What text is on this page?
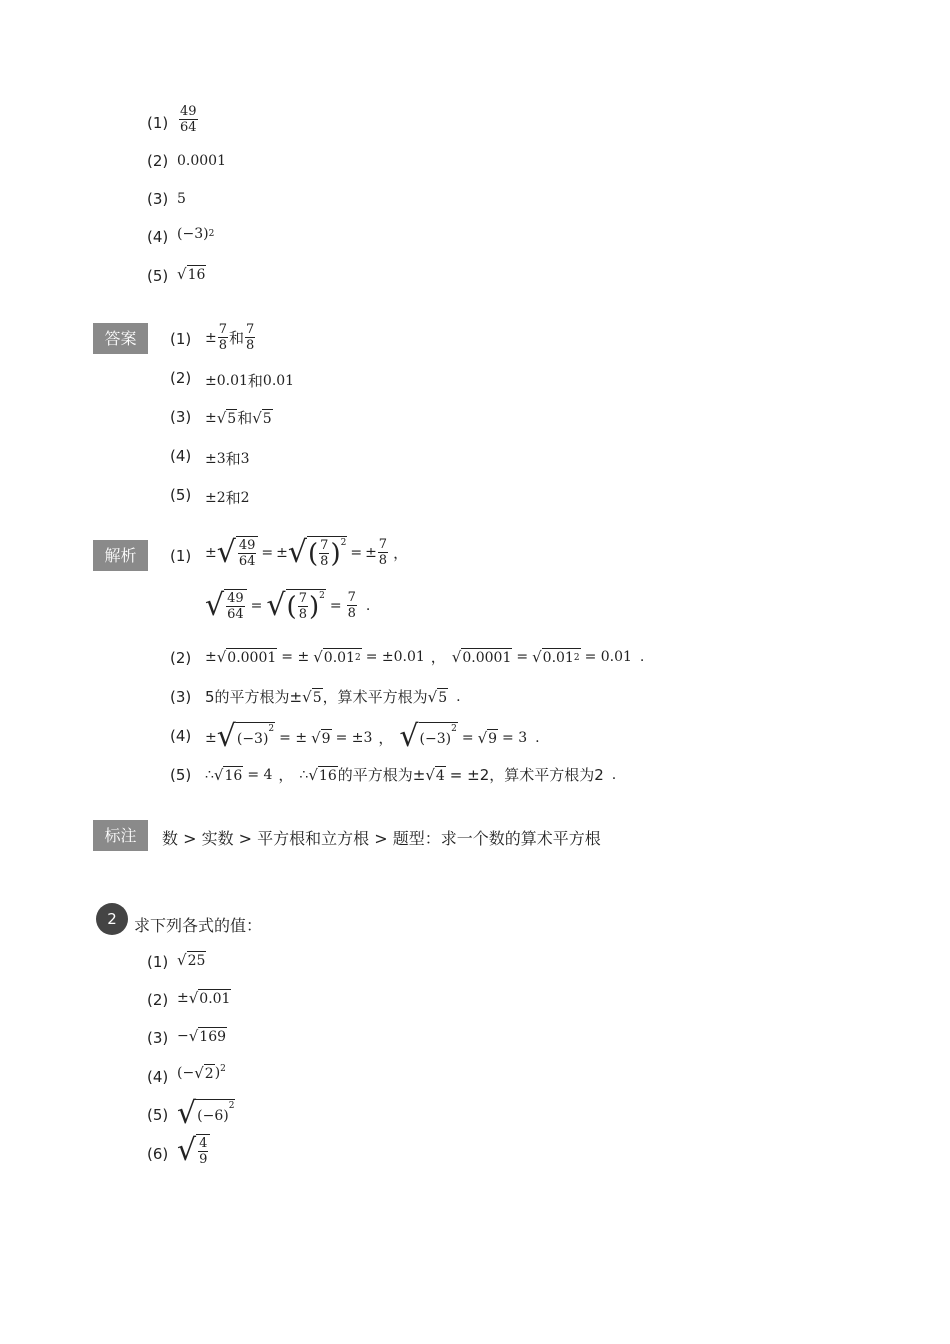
$(1) \frac{49}{64}$
(2) 0.0001
(3) 5
(4) (−3) 2
(5) √ 16
答案	$(1) \pm \frac{7}{8}$ 和 $\frac{7}{8}$
(2) ±0.01 和 0.01
(3) ± √ 5 和 √ 5
(4) ±3 和 3
(5) ±2 和 2
解析	(1) ± √ $\frac{49}{64}$ = ± √ ( $\frac{7}{8} )^2$
= ± $\frac{7}{8}$ ，
√ $\frac{49}{64}$ = √ ( $\frac{7}{8} )^2$
= $\frac{7}{8}$ .
(2) ± √ 0.0001 = ± √ 0.01 2 = ±0.01 ， √ 0.0001 = √ 0.01 2 = 0.01 .
(3) 5的平方根为± √ 5 ，算术平方根为 √ 5 .
(4) ± √ (−3)
$^2$
= ± √ 9 = ±3 ， √ (−3)
$^2$
= √ 9 = 3 .
(5) ∴ √ 16 = 4 ， ∴ √ 16 的平方根为± √ 4 = ±2，算术平方根为2 .
标注	数 > 实数 > 平方根和立方根 > 题型：求一个数的算术平方根
2	求下列各式的值：
(1) √ 25
(2) ± √ 0.01
(3) − √ 169
(4) (− √ 2 )$^2$
(5) √ (−6)
$^2$
(6) √ $\frac{4}{9}$
